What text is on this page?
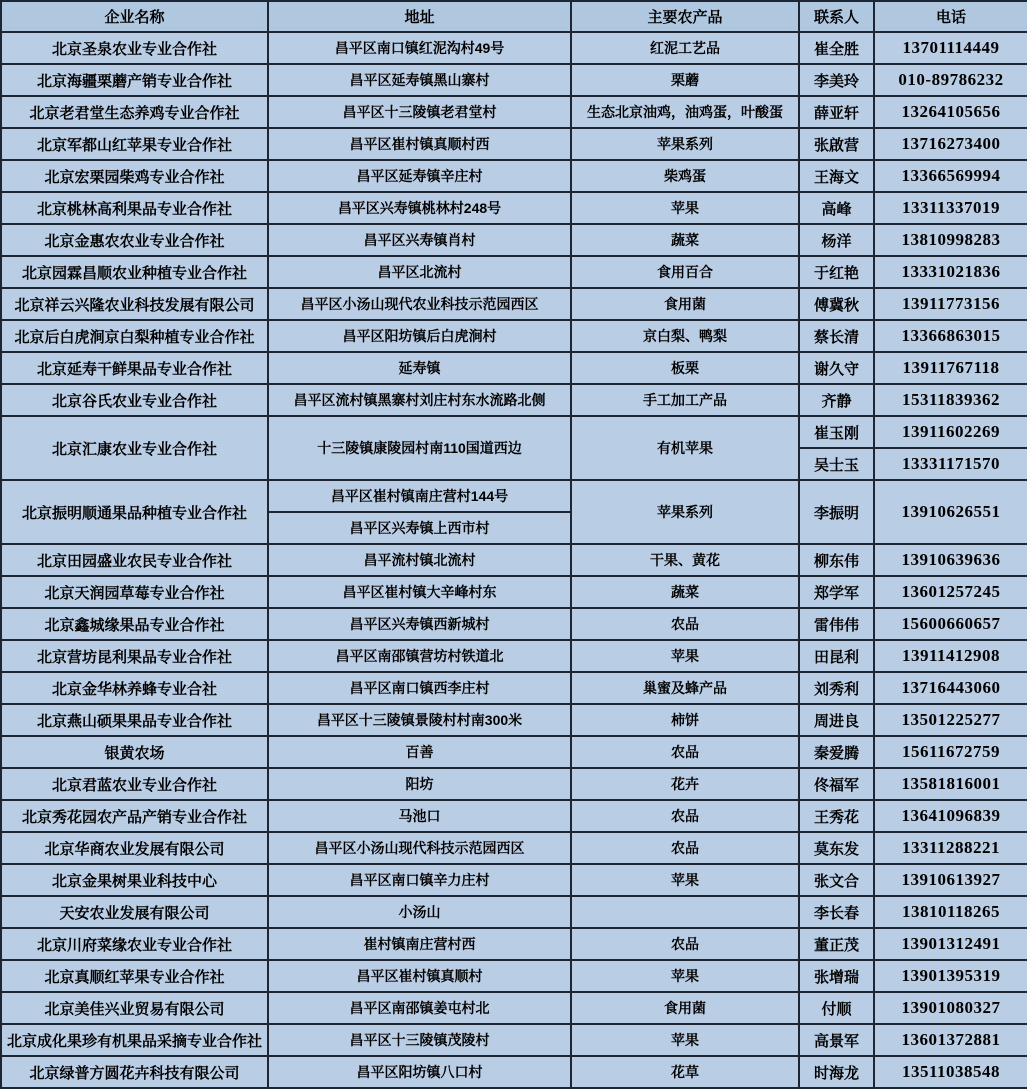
企业名称	地址	主要农产品	联系人	电话
北京圣泉农业专业合作社	昌平区南口镇红泥沟村49号	红泥工艺品	崔全胜	13701114449
北京海疆栗蘑产销专业合作社	昌平区延寿镇黑山寨村	栗蘑	李美玲	010-89786232
北京老君堂生态养鸡专业合作社	昌平区十三陵镇老君堂村	生态北京油鸡，油鸡蛋，叶酸蛋	薛亚轩	13264105656
北京军都山红苹果专业合作社	昌平区崔村镇真顺村西	苹果系列	张啟营	13716273400
北京宏栗园柴鸡专业合作社	昌平区延寿镇辛庄村	柴鸡蛋	王海文	13366569994
北京桃林高利果品专业合作社	昌平区兴寿镇桃林村248号	苹果	高峰	13311337019
北京金惠农农业专业合作社	昌平区兴寿镇肖村	蔬菜	杨洋	13810998283
北京园霖昌顺农业种植专业合作社	昌平区北流村	食用百合	于红艳	13331021836
北京祥云兴隆农业科技发展有限公司	昌平区小汤山现代农业科技示范园西区	食用菌	傅冀秋	13911773156
北京后白虎涧京白梨种植专业合作社	昌平区阳坊镇后白虎涧村	京白梨、鸭梨	蔡长清	13366863015
北京延寿干鲜果品专业合作社	延寿镇	板栗	谢久守	13911767118
北京谷氏农业专业合作社	昌平区流村镇黑寨村刘庄村东水流路北侧	手工加工产品	齐静	15311839362
北京汇康农业专业合作社	十三陵镇康陵园村南110国道西边	有机苹果	崔玉刚	13911602269
			吴士玉	13331171570
北京振明顺通果品种植专业合作社	昌平区崔村镇南庄营村144号	苹果系列	李振明	13910626551
	昌平区兴寿镇上西市村			
北京田园盛业农民专业合作社	昌平流村镇北流村	干果、黄花	柳东伟	13910639636
北京天润园草莓专业合作社	昌平区崔村镇大辛峰村东	蔬菜	郑学军	13601257245
北京鑫城缘果品专业合作社	昌平区兴寿镇西新城村	农品	雷伟伟	15600660657
北京营坊昆利果品专业合作社	昌平区南邵镇营坊村铁道北	苹果	田昆利	13911412908
北京金华林养蜂专业合社	昌平区南口镇西李庄村	巢蜜及蜂产品	刘秀利	13716443060
北京燕山硕果果品专业合作社	昌平区十三陵镇景陵村村南300米	柿饼	周进良	13501225277
银黄农场	百善	农品	秦爱腾	15611672759
北京君蓝农业专业合作社	阳坊	花卉	佟福军	13581816001
北京秀花园农产品产销专业合作社	马池口	农品	王秀花	13641096839
北京华商农业发展有限公司	昌平区小汤山现代科技示范园西区	农品	莫东发	13311288221
北京金果树果业科技中心	昌平区南口镇辛力庄村	苹果	张文合	13910613927
天安农业发展有限公司	小汤山		李长春	13810118265
北京川府菜缘农业专业合作社	崔村镇南庄营村西	农品	董正茂	13901312491
北京真顺红苹果专业合作社	昌平区崔村镇真顺村	苹果	张增瑞	13901395319
北京美佳兴业贸易有限公司	昌平区南邵镇姜屯村北	食用菌	付顺	13901080327
北京成化果珍有机果品采摘专业合作社	昌平区十三陵镇茂陵村	苹果	高景军	13601372881
北京绿普方圆花卉科技有限公司	昌平区阳坊镇八口村	花草	时海龙	13511038548
